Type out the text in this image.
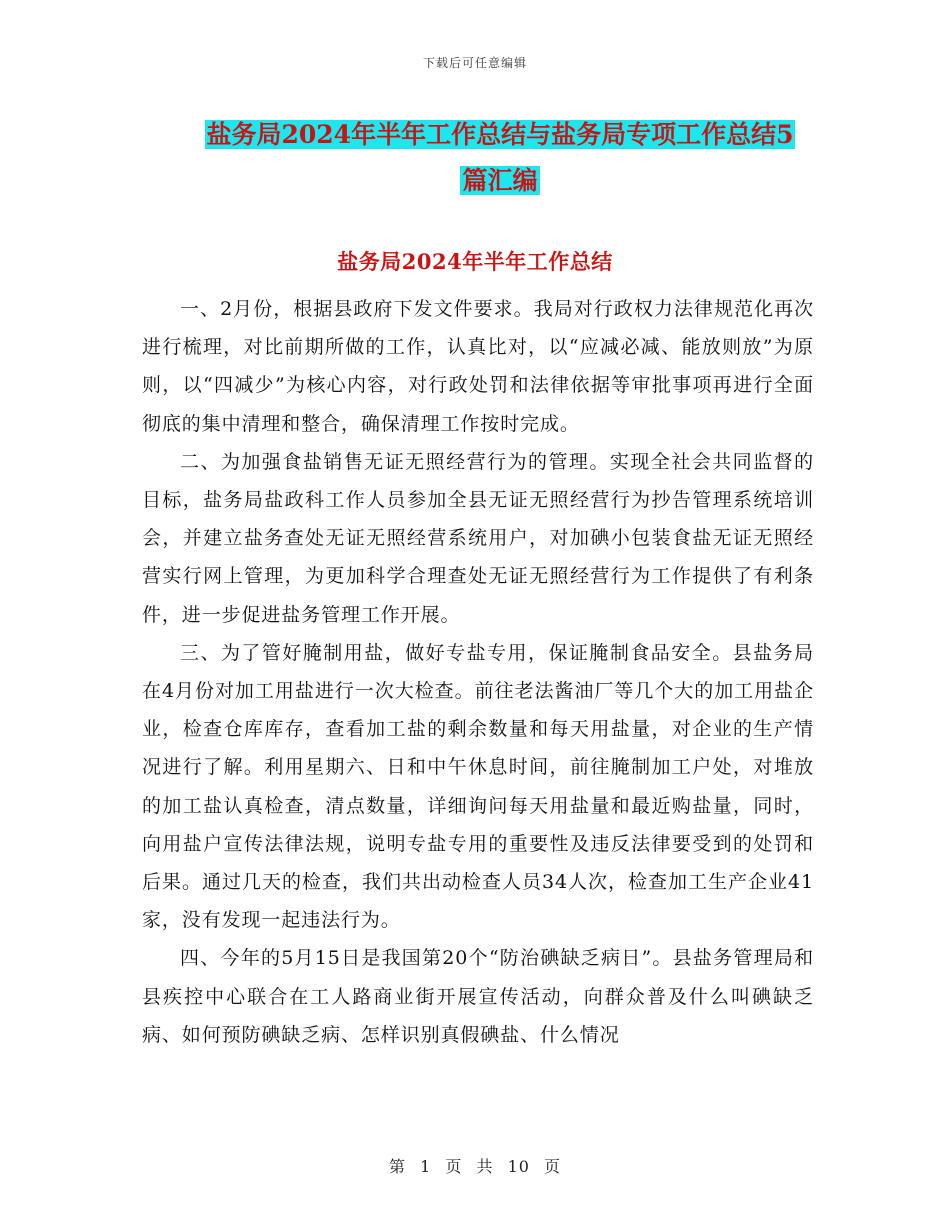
下载后可任意编辑
盐务局2024年半年工作总结与盐务局专项工作总结5
篇汇编
盐务局2024年半年工作总结

一、2月份，根据县政府下发文件要求。我局对行政权力法律规范化再次进行梳理，对比前期所做的工作，认真比对，以“应减必减、能放则放”为原则，以“四减少”为核心内容，对行政处罚和法律依据等审批事项再进行全面彻底的集中清理和整合，确保清理工作按时完成。

二、为加强食盐销售无证无照经营行为的管理。实现全社会共同监督的目标，盐务局盐政科工作人员参加全县无证无照经营行为抄告管理系统培训会，并建立盐务查处无证无照经营系统用户，对加碘小包装食盐无证无照经营实行网上管理，为更加科学合理查处无证无照经营行为工作提供了有利条件，进一步促进盐务管理工作开展。

三、为了管好腌制用盐，做好专盐专用，保证腌制食品安全。县盐务局在4月份对加工用盐进行一次大检查。前往老法酱油厂等几个大的加工用盐企业，检查仓库库存，查看加工盐的剩余数量和每天用盐量，对企业的生产情况进行了解。利用星期六、日和中午休息时间，前往腌制加工户处，对堆放的加工盐认真检查，清点数量，详细询问每天用盐量和最近购盐量，同时，向用盐户宣传法律法规，说明专盐专用的重要性及违反法律要受到的处罚和后果。通过几天的检查，我们共出动检查人员34人次，检查加工生产企业41家，没有发现一起违法行为。

四、今年的5月15日是我国第20个“防治碘缺乏病日”。县盐务管理局和县疾控中心联合在工人路商业街开展宣传活动，向群众普及什么叫碘缺乏病、如何预防碘缺乏病、怎样识别真假碘盐、什么情况

第 1 页 共 10 页
